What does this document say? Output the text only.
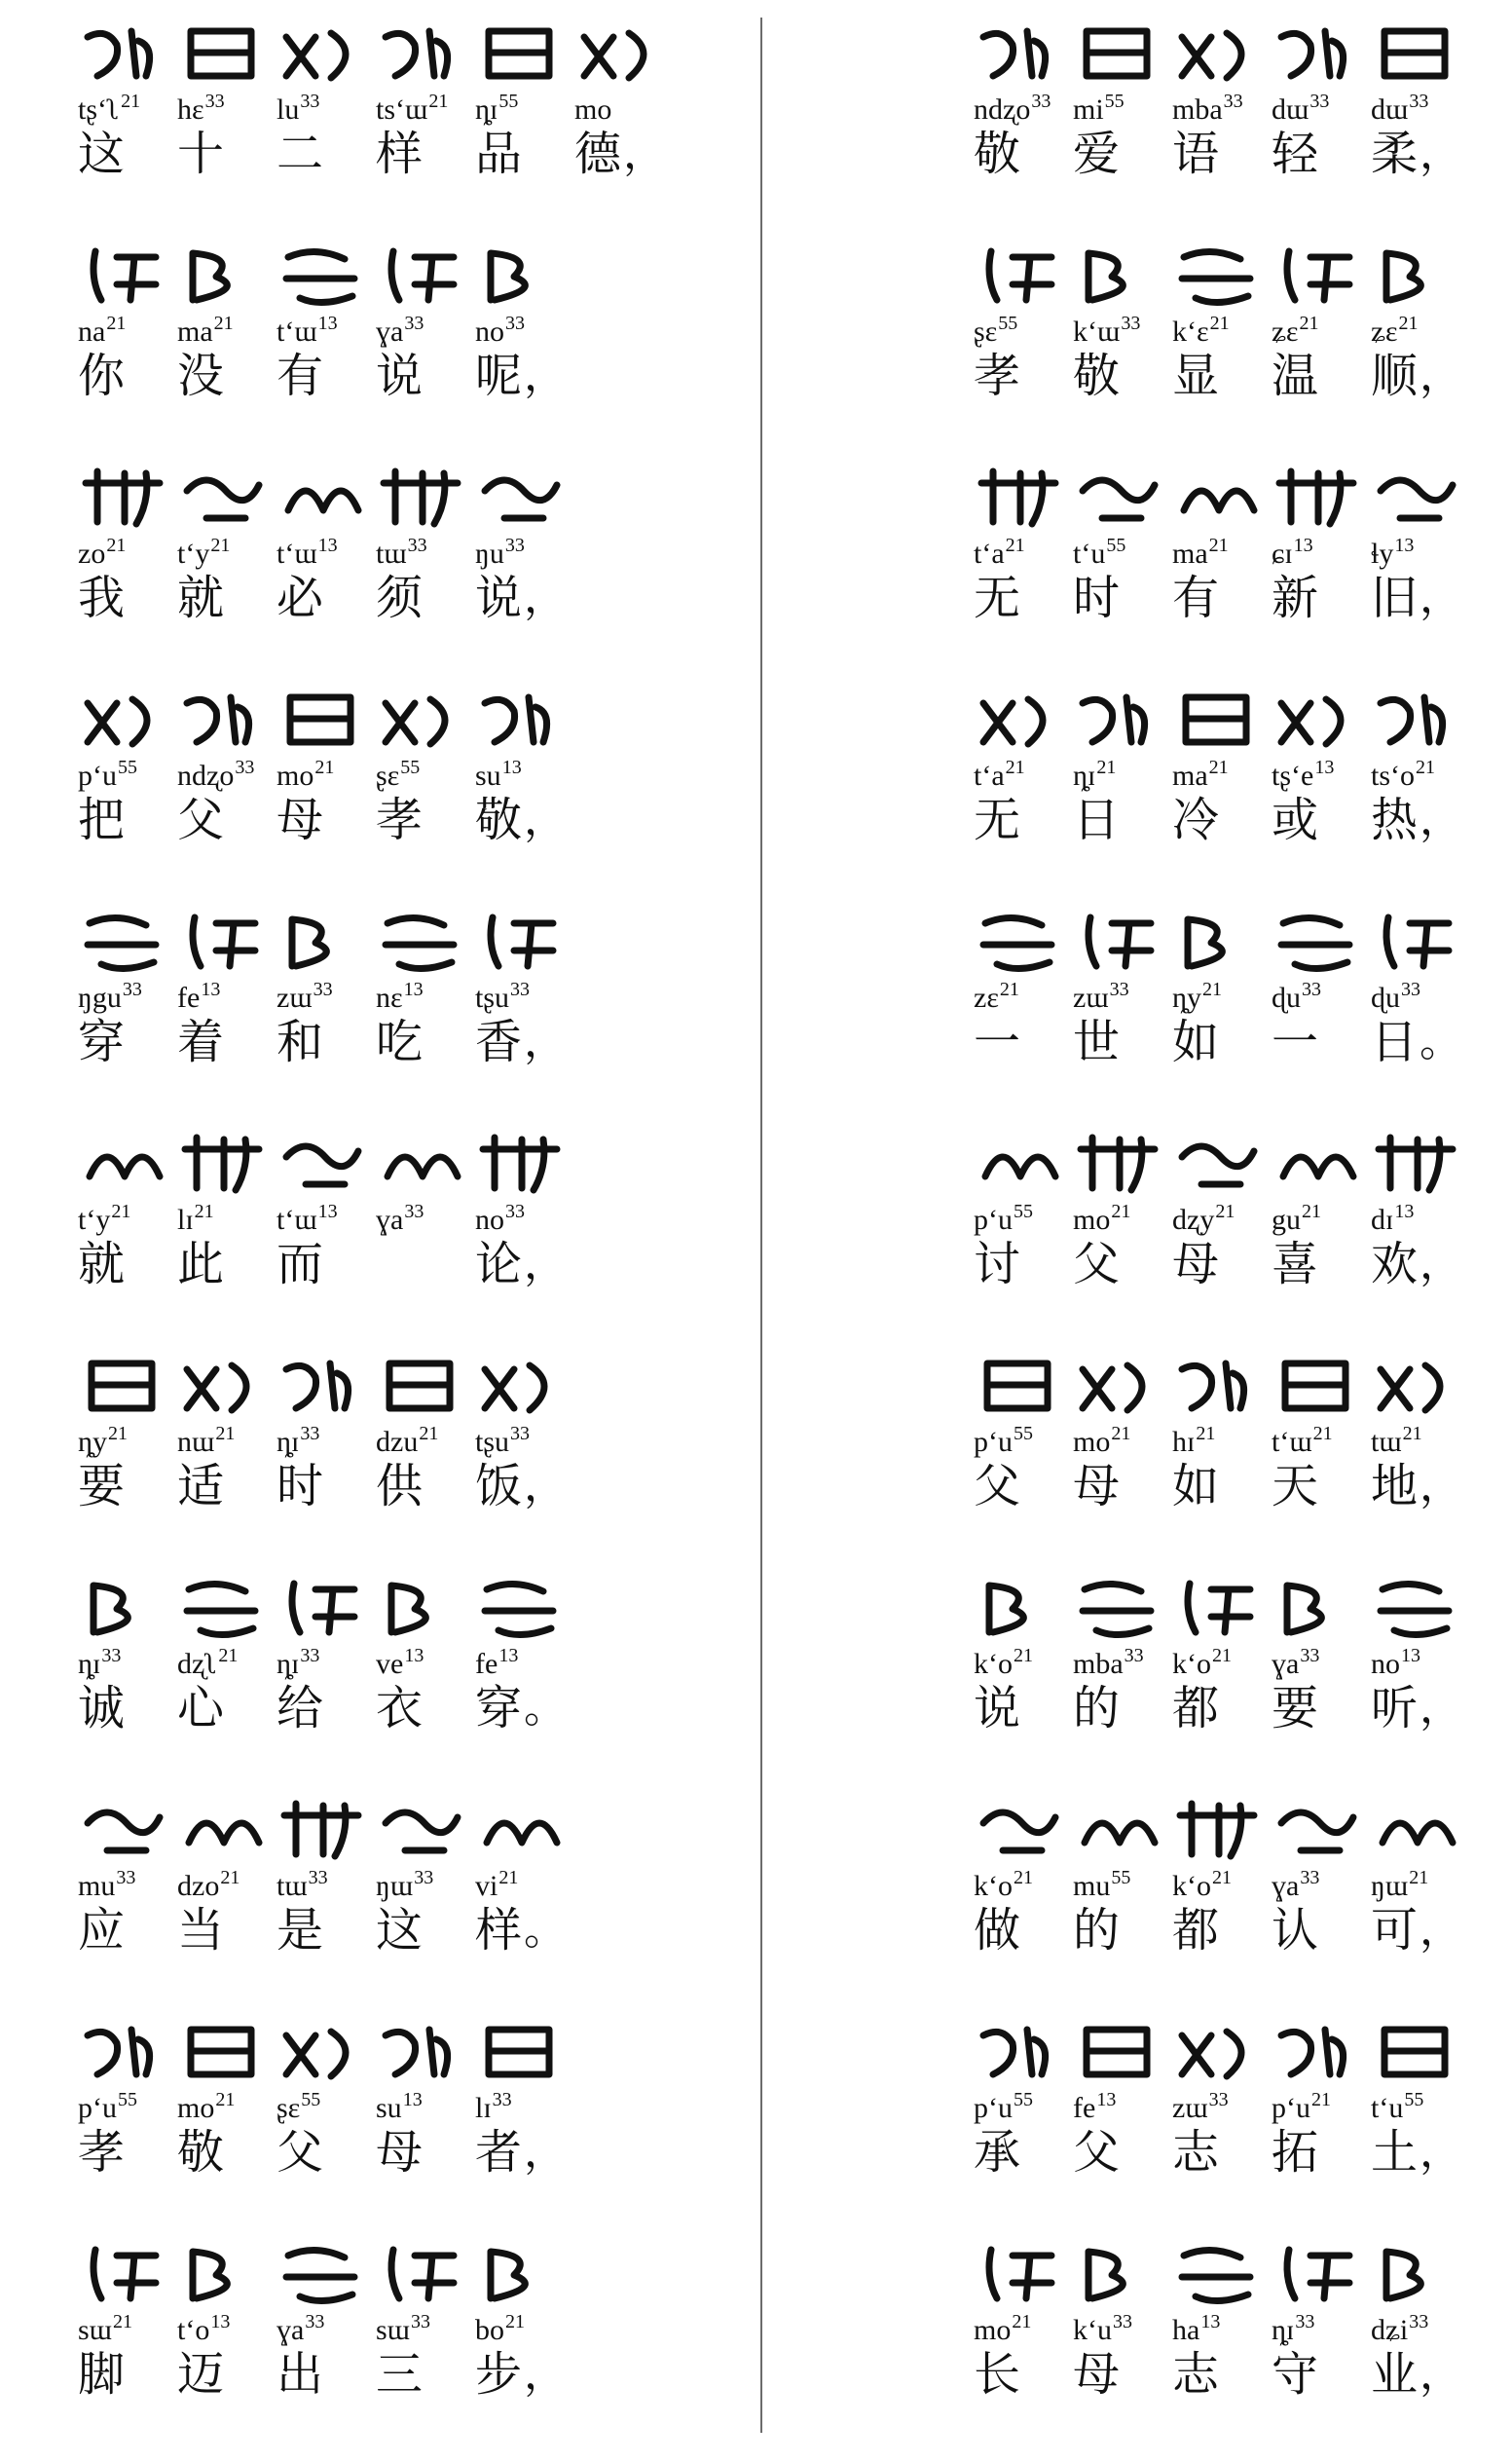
tʂʻʅ$^{21}$
这
hɛ$^{33}$
十
$lu^{33}$
二
tsʻɯ$^{21}$
样
ȵɪ$^{55}$
品
mo
德 ，
$na^{21}$
你
$ma^{21}$
没
tʻɯ$^{13}$
有
ɣa$^{33}$
说
$no^{33}$
呢 ，
$zo^{21}$
我
tʻy$^{21}$
就
tʻɯ$^{13}$
必
tɯ$^{33}$
须
$ŋu^{33}$
说 ，
pʻu$^{55}$
把
ndʐo$^{33}$
父
$mo^{21}$
母
ʂɛ$^{55}$
孝
$su^{13}$
敬 ，
ŋgu$^{33}$
穿
$fe^{13}$
着
zɯ$^{33}$
和
nɛ$^{13}$
吃
tʂu$^{33}$
香 ，
tʻy$^{21}$
就
lɪ$^{21}$
此
tʻɯ$^{13}$
而
ɣa$^{33}$ $no^{33}$
论 ，
$ȵy^{21}$
要
nɯ$^{21}$
适
ȵɪ$^{33}$
时
dzu$^{21}$
供
tʂu$^{33}$
饭 ，
ȵɪ$^{33}$
诚
dʐʅ$^{21}$
心
ȵɪ$^{33}$
给
$ve^{13}$
衣
$fe^{13}$
穿 。
$mu^{33}$
应
dzo$^{21}$
当
tɯ$^{33}$
是
ŋɯ$^{33}$
这
$vi^{21}$
样 。
pʻu$^{55}$
孝
$mo^{21}$
敬
ʂɛ$^{55}$
父
$su^{13}$
母
lɪ$^{33}$
者 ，
sɯ$^{21}$
脚
tʻo$^{13}$
迈
ɣa$^{33}$
出
sɯ$^{33}$
三
$bo^{21}$
步 ，
ndʐo$^{33}$
敬
$mi^{55}$
爱
mba$^{33}$
语
dɯ$^{33}$
轻
dɯ$^{33}$
柔 ，
ʂɛ$^{55}$
孝
kʻɯ$^{33}$
敬
kʻɛ$^{21}$
显
ʑɛ$^{21}$
温
ʑɛ$^{21}$
顺 ，
tʻa$^{21}$
无
tʻu$^{55}$
时
$ma^{21}$
有
ɕɪ$^{13}$
新
ɬy$^{13}$
旧 ，
tʻa$^{21}$
无
ȵɪ$^{21}$
日
$ma^{21}$
冷
tʂʻe$^{13}$
或
tsʻo$^{21}$
热 ，
zɛ$^{21}$
一
zɯ$^{33}$
世
$ȵy^{21}$
如
ɖu$^{33}$
一
ɖu$^{33}$
日 。
pʻu$^{55}$
讨
$mo^{21}$
父
dʐy$^{21}$
母
$gu^{21}$
喜
dɪ$^{13}$
欢 ，
pʻu$^{55}$
父
$mo^{21}$
母
hɪ$^{21}$
如
tʻɯ$^{21}$
天
tɯ$^{21}$
地 ，
kʻo$^{21}$
说
mba$^{33}$
的
kʻo$^{21}$
都
ɣa$^{33}$
要
$no^{13}$
听 ，
kʻo$^{21}$
做
$mu^{55}$
的
kʻo$^{21}$
都
ɣa$^{33}$
认
ŋɯ$^{21}$
可 ，
pʻu$^{55}$
承
$fe^{13}$
父
zɯ$^{33}$
志
pʻu$^{21}$
拓
tʻu$^{55}$
土 ，
$mo^{21}$
长
kʻu$^{33}$
母
$ha^{13}$
志
ȵɪ$^{33}$
守
dʑi$^{33}$
业 ，
